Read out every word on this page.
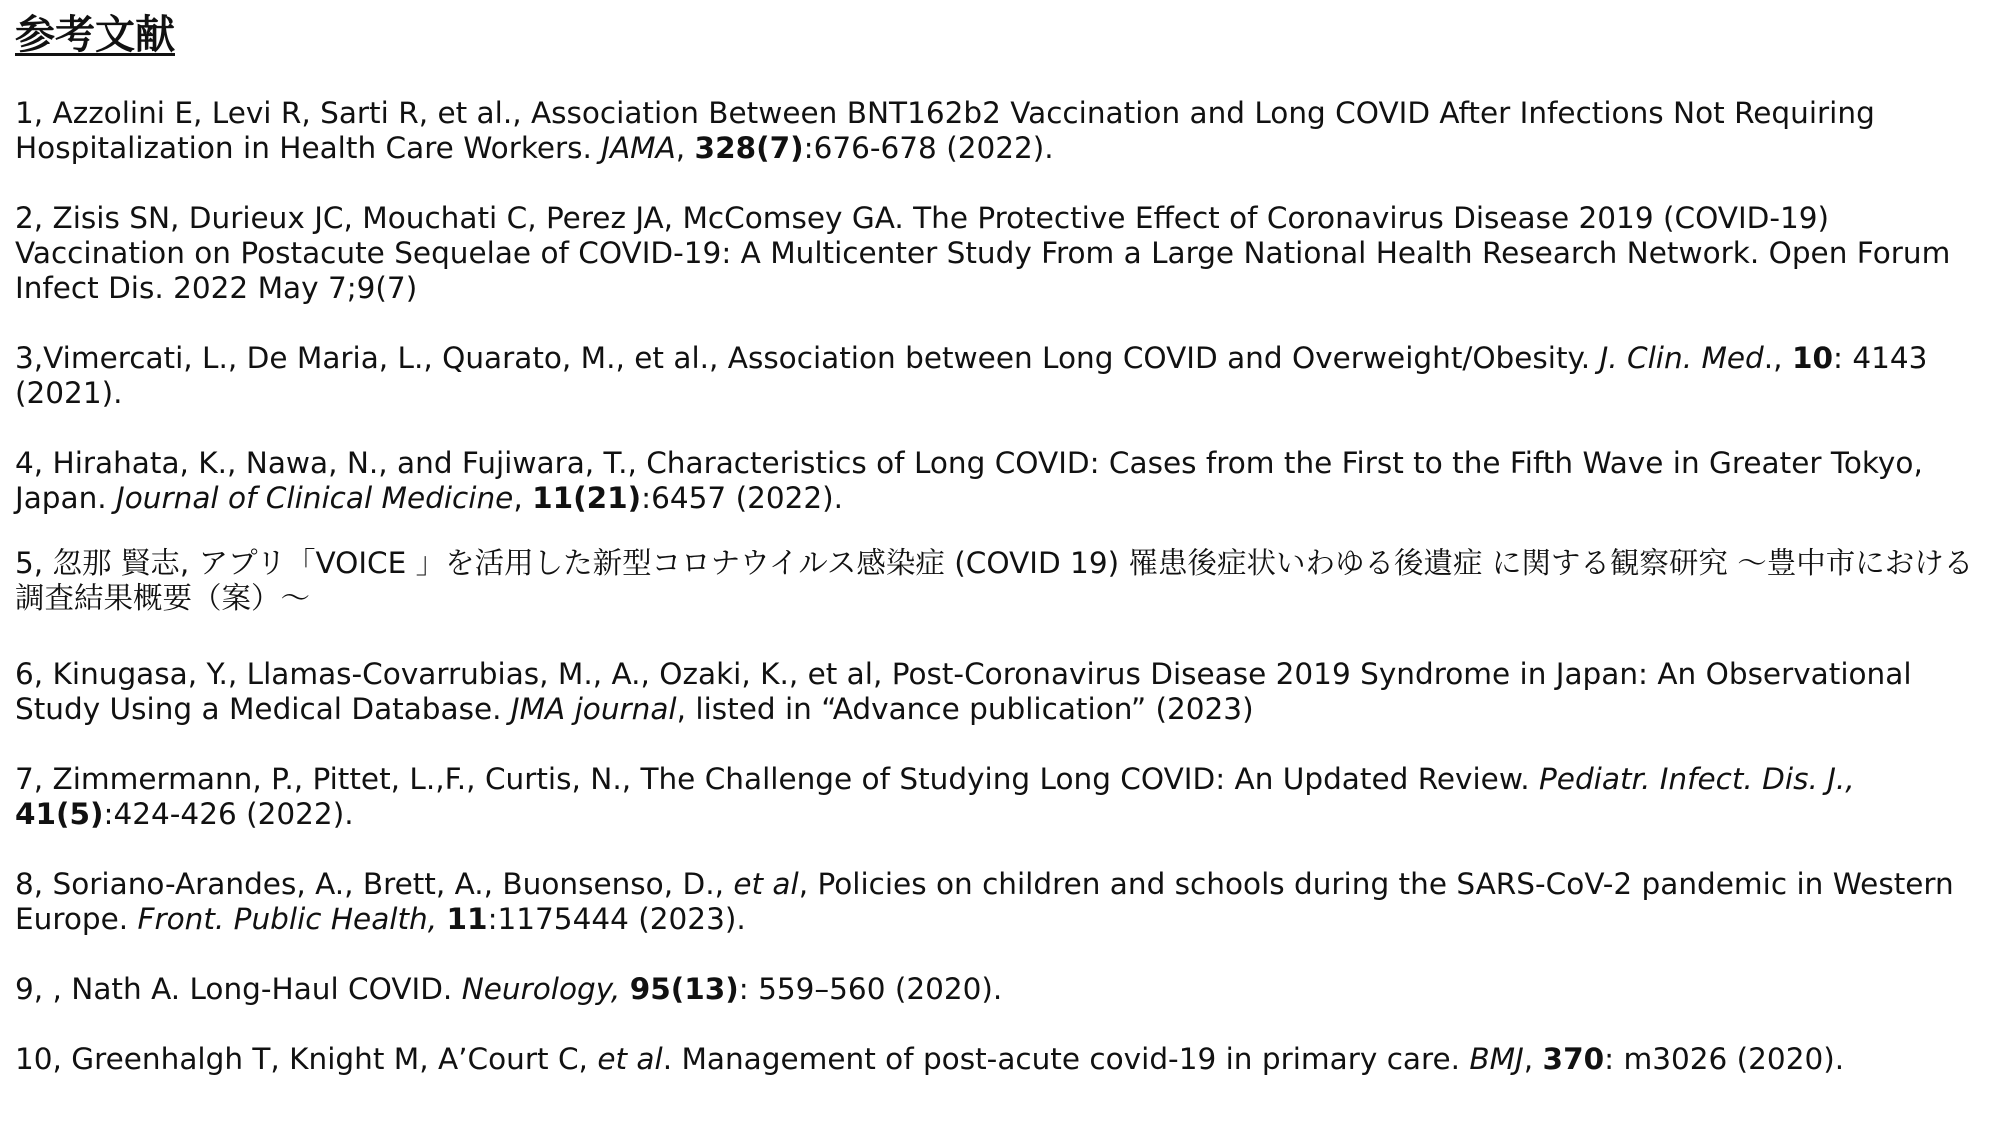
参考文献
1, Azzolini E, Levi R, Sarti R, et al., Association Between BNT162b2 Vaccination and Long COVID After Infections Not Requiring Hospitalization in Health Care Workers. JAMA, 328(7):676-678 (2022).
2, Zisis SN, Durieux JC, Mouchati C, Perez JA, McComsey GA. The Protective Effect of Coronavirus Disease 2019 (COVID-19) Vaccination on Postacute Sequelae of COVID-19: A Multicenter Study From a Large National Health Research Network. Open Forum Infect Dis. 2022 May 7;9(7)
3,Vimercati, L., De Maria, L., Quarato, M., et al., Association between Long COVID and Overweight/Obesity. J. Clin. Med., 10: 4143 (2021).
4, Hirahata, K., Nawa, N., and Fujiwara, T., Characteristics of Long COVID: Cases from the First to the Fifth Wave in Greater Tokyo, Japan. Journal of Clinical Medicine, 11(21):6457 (2022).
5, 忽那 賢志, アプリ「VOICE 」を活用した新型コロナウイルス感染症 (COVID 19) 罹患後症状いわゆる後遺症 に関する観察研究 ～豊中市における調査結果概要（案）～
6, Kinugasa, Y., Llamas-Covarrubias, M., A., Ozaki, K., et al, Post-Coronavirus Disease 2019 Syndrome in Japan: An Observational Study Using a Medical Database. JMA journal, listed in “Advance publication” (2023)
7, Zimmermann, P., Pittet, L.,F., Curtis, N., The Challenge of Studying Long COVID: An Updated Review. Pediatr. Infect. Dis. J., 41(5):424-426 (2022).
8, Soriano-Arandes, A., Brett, A., Buonsenso, D., et al, Policies on children and schools during the SARS-CoV-2 pandemic in Western Europe. Front. Public Health, 11:1175444 (2023).
9, , Nath A. Long-Haul COVID. Neurology, 95(13): 559–560 (2020).
10, Greenhalgh T, Knight M, A’Court C, et al. Management of post-acute covid-19 in primary care. BMJ, 370: m3026 (2020).
